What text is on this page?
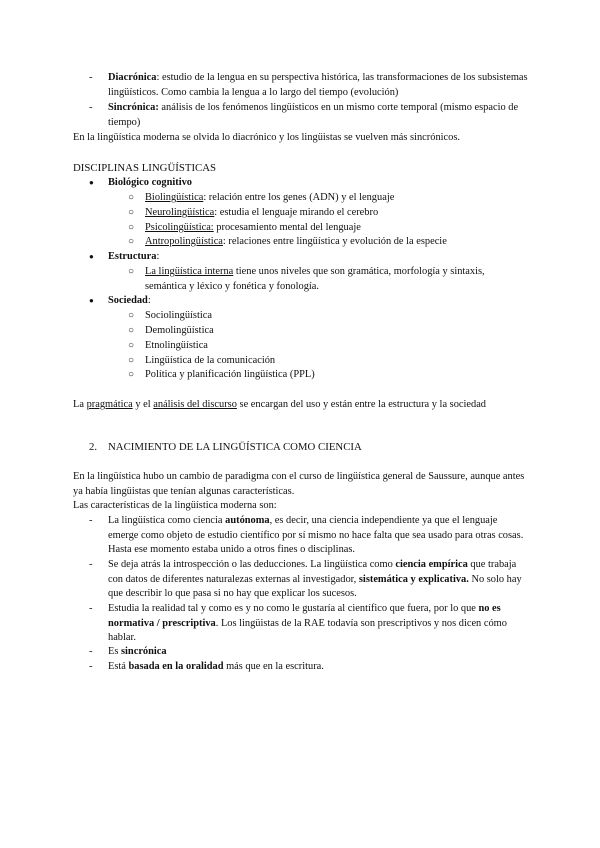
- Diacrónica: estudio de la lengua en su perspectiva histórica, las transformaciones de los subsistemas lingüísticos. Como cambia la lengua a lo largo del tiempo (evolución)
- Sincrónica: análisis de los fenómenos lingüísticos en un mismo corte temporal (mismo espacio de tiempo)
En la lingüística moderna se olvida lo diacrónico y los lingüistas se vuelven más sincrónicos.
DISCIPLINAS LINGÜÍSTICAS
● Biológico cognitivo
○ Biolingüística: relación entre los genes (ADN) y el lenguaje
○ Neurolingüística: estudia el lenguaje mirando el cerebro
○ Psicolingüística: procesamiento mental del lenguaje
○ Antropolingüística: relaciones entre lingüística y evolución de la especie
● Estructura:
○ La lingüística interna tiene unos niveles que son gramática, morfología y sintaxis, semántica y léxico y fonética y fonología.
● Sociedad:
○ Sociolingüística
○ Demolingüística
○ Etnolingüística
○ Lingüística de la comunicación
○ Política y planificación lingüística (PPL)
La pragmática y el análisis del discurso se encargan del uso y están entre la estructura y la sociedad
2. NACIMIENTO DE LA LINGÜÍSTICA COMO CIENCIA
En la lingüística hubo un cambio de paradigma con el curso de lingüística general de Saussure, aunque antes ya había lingüistas que tenían algunas características.
Las características de la lingüística moderna son:
- La lingüística como ciencia autónoma, es decir, una ciencia independiente ya que el lenguaje emerge como objeto de estudio científico por sí mismo no hace falta que sea usado para otras cosas. Hasta ese momento estaba unido a otros fines o disciplinas.
- Se deja atrás la introspección o las deducciones. La lingüística como ciencia empírica que trabaja con datos de diferentes naturalezas externas al investigador, sistemática y explicativa. No solo hay que describir lo que pasa si no hay que explicar los sucesos.
- Estudia la realidad tal y como es y no como le gustaría al científico que fuera, por lo que no es normativa / prescriptiva. Los lingüistas de la RAE todavía son prescriptivos y nos dicen cómo hablar.
- Es sincrónica
- Está basada en la oralidad más que en la escritura.
